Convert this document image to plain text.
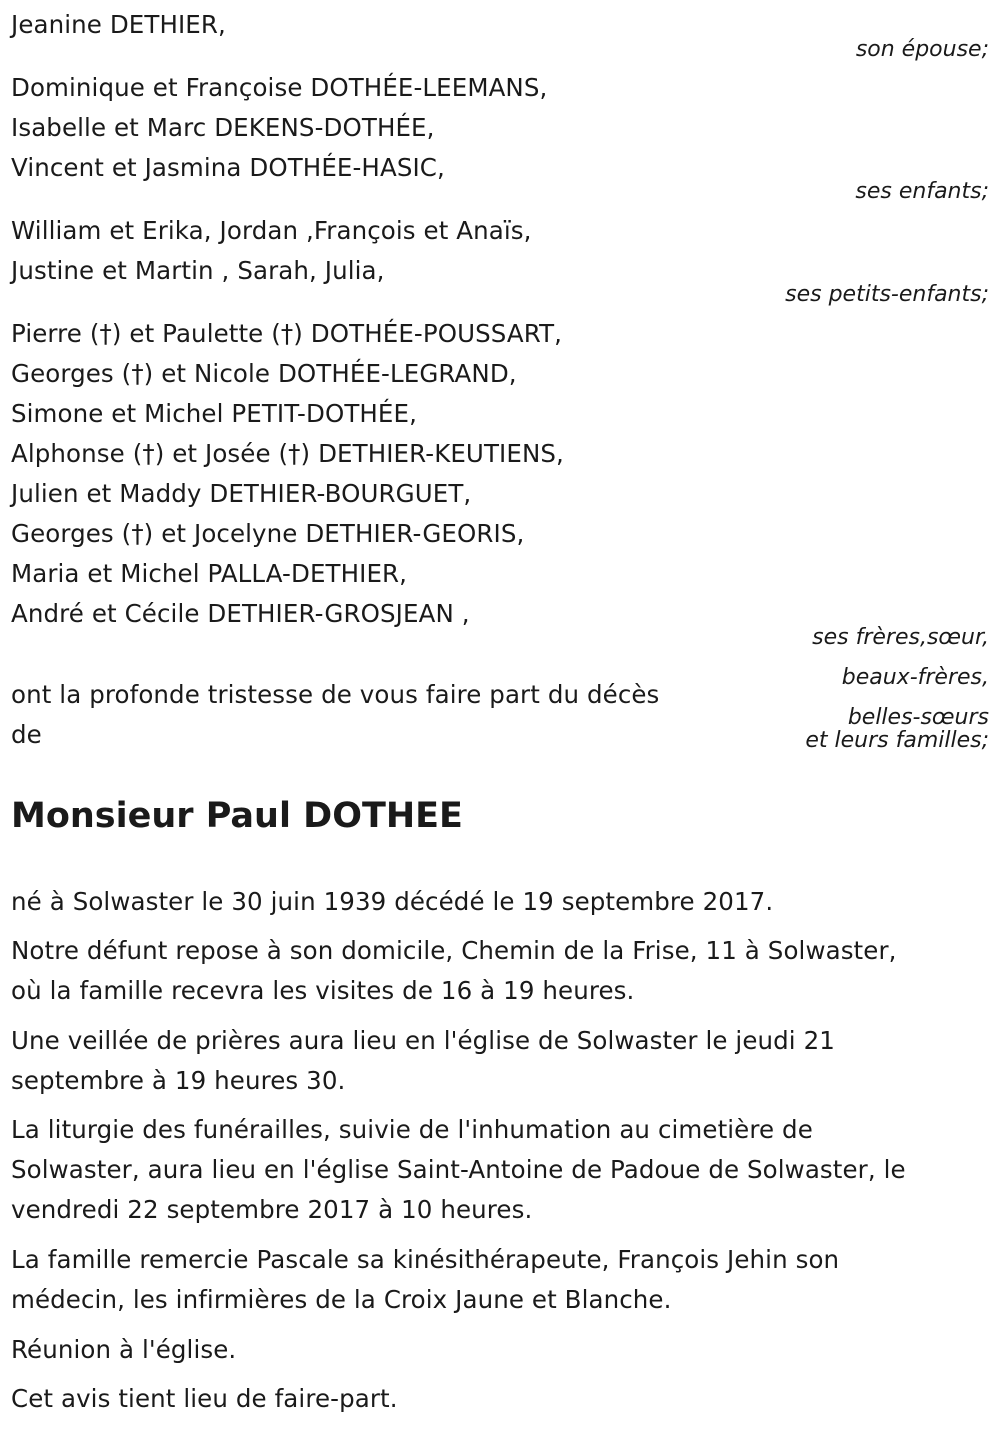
Jeanine DETHIER,
son épouse;
Dominique et Françoise DOTHÉE-LEEMANS,
Isabelle et Marc DEKENS-DOTHÉE,
Vincent et Jasmina DOTHÉE-HASIC,
ses enfants;
William et Erika, Jordan ,François et Anaïs,
Justine et Martin , Sarah, Julia,
ses petits-enfants;
Pierre (†) et Paulette (†) DOTHÉE-POUSSART,
Georges (†) et Nicole DOTHÉE-LEGRAND,
Simone et Michel PETIT-DOTHÉE,
Alphonse (†) et Josée (†) DETHIER-KEUTIENS,
Julien et Maddy DETHIER-BOURGUET,
Georges (†) et Jocelyne DETHIER-GEORIS,
Maria et Michel PALLA-DETHIER,
André et Cécile DETHIER-GROSJEAN ,
ses frères,sœur,
beaux-frères,
belles-sœurs
et leurs familles;
ont la profonde tristesse de vous faire part du décès
de
Monsieur Paul DOTHEE
né à Solwaster le 30 juin 1939 décédé le 19 septembre 2017.
Notre défunt repose à son domicile, Chemin de la Frise, 11 à Solwaster,
où la famille recevra les visites de 16 à 19 heures.
Une veillée de prières aura lieu en l'église de Solwaster le jeudi 21
septembre à 19 heures 30.
La liturgie des funérailles, suivie de l'inhumation au cimetière de
Solwaster, aura lieu en l'église Saint-Antoine de Padoue de Solwaster, le
vendredi 22 septembre 2017 à 10 heures.
La famille remercie Pascale sa kinésithérapeute, François Jehin son
médecin, les infirmières de la Croix Jaune et Blanche.
Réunion à l'église.
Cet avis tient lieu de faire-part.
